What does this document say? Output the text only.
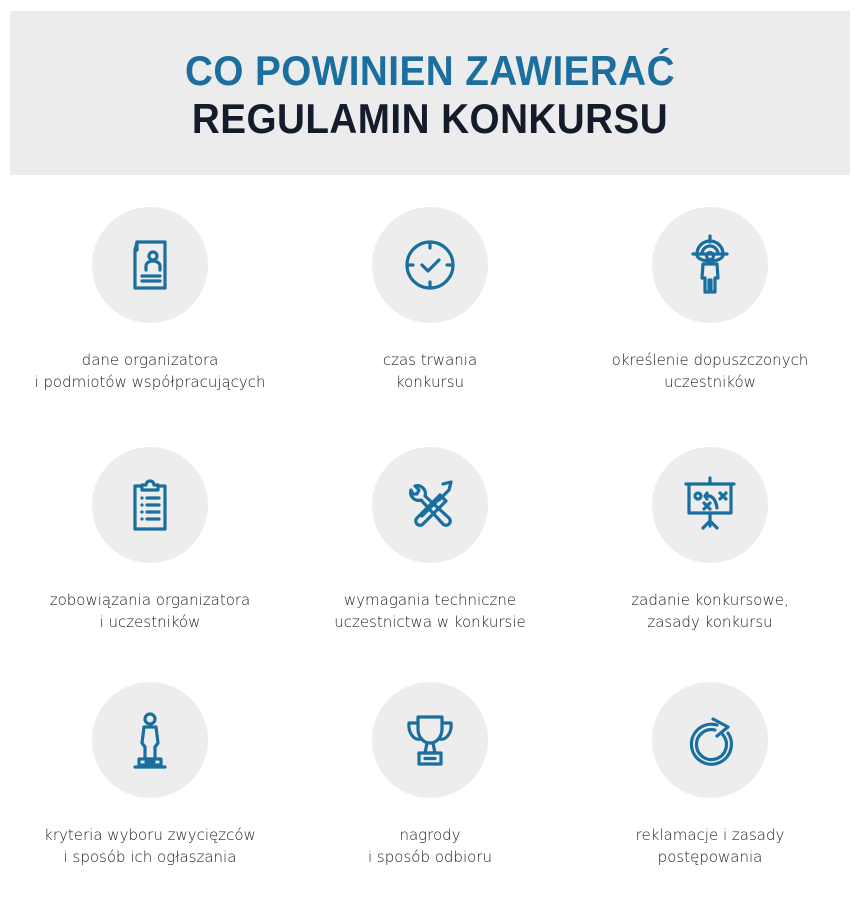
CO POWINIEN ZAWIERAĆ
REGULAMIN KONKURSU
dane organizatora
i podmiotów współpracujących
czas trwania
konkursu
określenie dopuszczonych
uczestników
zobowiązania organizatora
i uczestników
wymagania techniczne
uczestnictwa w konkursie
zadanie konkursowe,
zasady konkursu
kryteria wyboru zwycięzców
i sposób ich ogłaszania
nagrody
i sposób odbioru
reklamacje i zasady
postępowania
